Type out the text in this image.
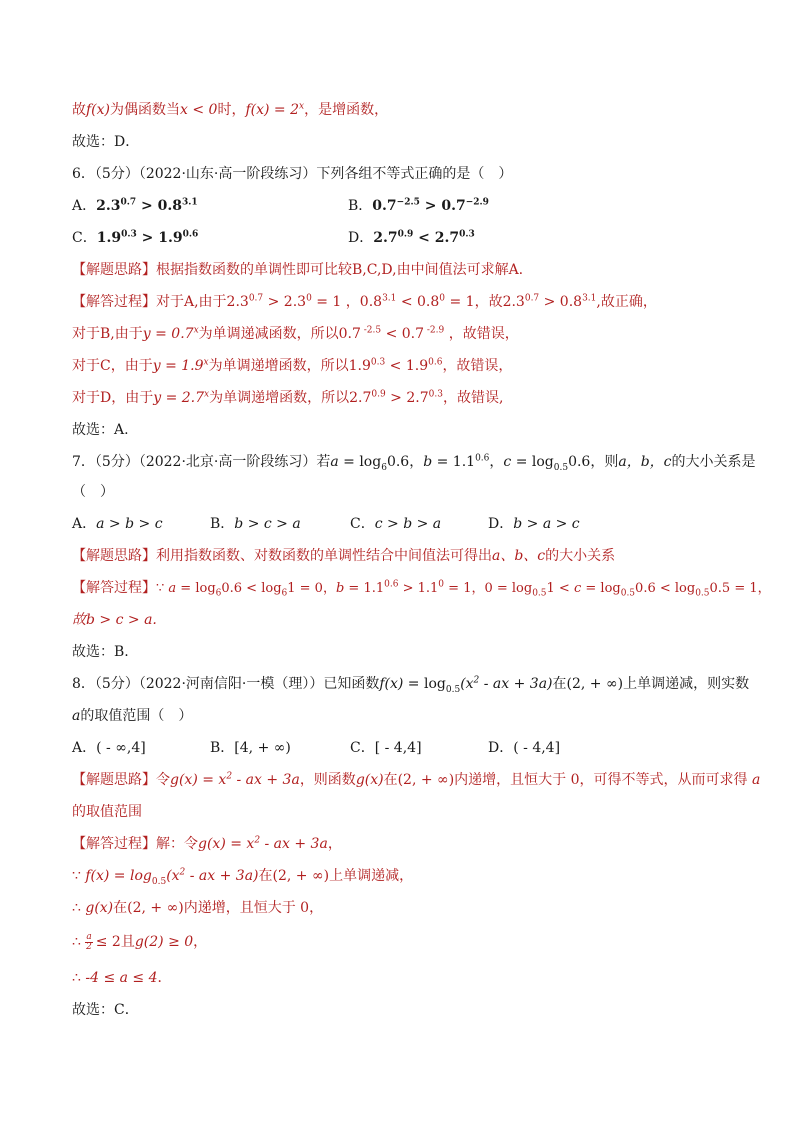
故f(x)为偶函数当x < 0时，$f(x) = 2^x$，是增函数，
故选：D．
6．（5分）（2022·山东·高一阶段练习）下列各组不等式正确的是（　）
A．$2.3^{0.7} > 0.8^{3.1}$	B．$0.7^{-2.5} > 0.7^{-2.9}$
C．$1.9^{0.3} > 1.9^{0.6}$	D．$2.7^{0.9} < 2.7^{0.3}$
【解题思路】根据指数函数的单调性即可比较B,C,D,由中间值法可求解A.
【解答过程】对于A,由于$2.3^{0.7} > 2.3^0 = 1$ ，$0.8^{3.1} < 0.8^0 = 1$，故$2.3^{0.7} > 0.8^{3.1}$,故正确，
对于B,由于$y = 0.7^x$为单调递减函数，所以0.7 $^{-2.5}$ < 0.7 $^{-2.9}$ ，故错误，
对于C，由于$y = 1.9^x$为单调递增函数，所以$1.9^{0.3} < 1.9^{0.6}$，故错误，
对于D，由于$y = 2.7^x$为单调递增函数，所以$2.7^{0.9} > 2.7^{0.3}$，故错误,
故选：A.
7．（5分）（2022·北京·高一阶段练习）若$a = \log_60.6$，$b = 1.1^{0.6}$，$c = \log_{0.5}0.6$，则a，b，c的大小关系是
（　）
A．a > b > c	B．b > c > a	C．c > b > a	D．b > a > c
【解题思路】利用指数函数、对数函数的单调性结合中间值法可得出a、b、c的大小关系
【解答过程】∵ $a = \log_60.6 < \log_61 = 0$，$b = 1.1^{0.6} > 1.1^0 = 1$，$0 = \log_{0.5}1 < c = \log_{0.5}0.6 < \log_{0.5}0.5 = 1$，
故b > c > a.
故选：B.
8．（5分）（2022·河南信阳·一模（理））已知函数$f(x) = \log_{0.5}(x^2$ - ax + 3a)在(2, + ∞)上单调递减，则实数
a的取值范围（　）
A．( - ∞,4]	B．[4, + ∞)	C．[ - 4,4]	D．( - 4,4]
【解题思路】令$g(x) = x^2$ - ax + 3a，则函数g(x)在(2, + ∞)内递增，且恒大于 0，可得不等式，从而可求得 a
的取值范围
【解答过程】解：令$g(x) = x^2$ - ax + 3a，
∵ $f(x) = \log_{0.5}(x^2$ - ax + 3a)在(2, + ∞)上单调递减，
∴ g(x)在(2, + ∞)内递增，且恒大于 0，
∴ $\frac{a}{2} \le 2$且g(2) ≥ 0，
∴ -4 ≤ a ≤ 4．
故选：C．
